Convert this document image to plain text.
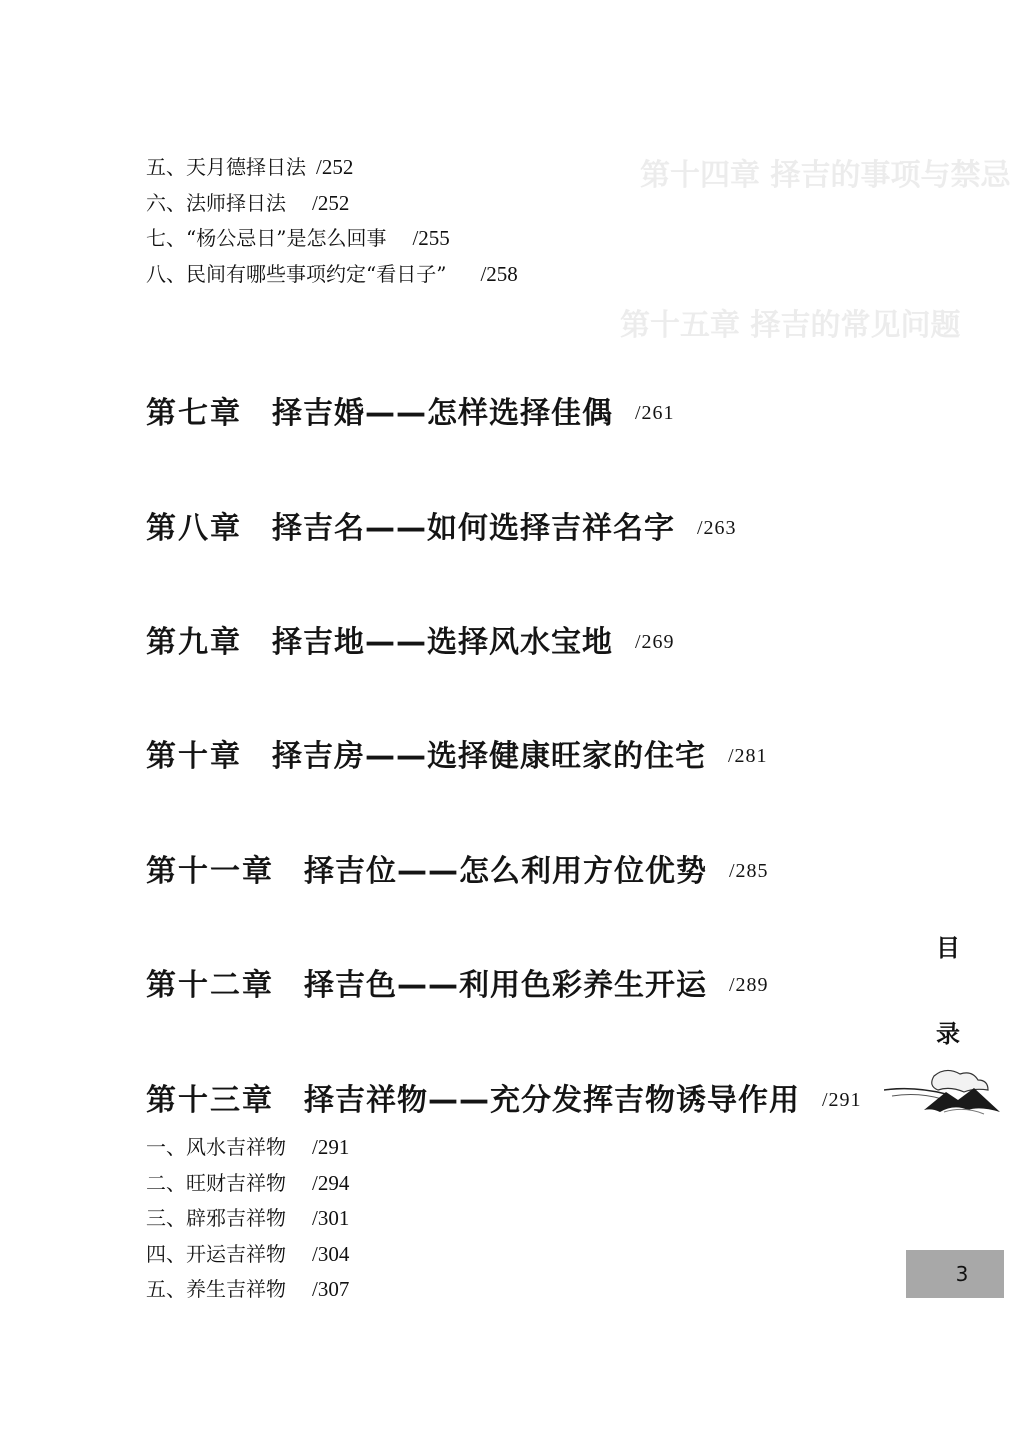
第十四章 择吉的事项与禁忌
第十五章 择吉的常见问题
五、天月德择日法 /252
六、法师择日法 /252
七、“杨公忌日”是怎么回事 /255
八、民间有哪些事项约定“看日子” /258
第七章 择吉婚——怎样选择佳偶 /261
第八章 择吉名——如何选择吉祥名字 /263
第九章 择吉地——选择风水宝地 /269
第十章 择吉房——选择健康旺家的住宅 /281
第十一章 择吉位——怎么利用方位优势 /285
第十二章 择吉色——利用色彩养生开运 /289
第十三章 择吉祥物——充分发挥吉物诱导作用 /291
一、风水吉祥物 /291
二、旺财吉祥物 /294
三、辟邪吉祥物 /301
四、开运吉祥物 /304
五、养生吉祥物 /307
目
录
3
